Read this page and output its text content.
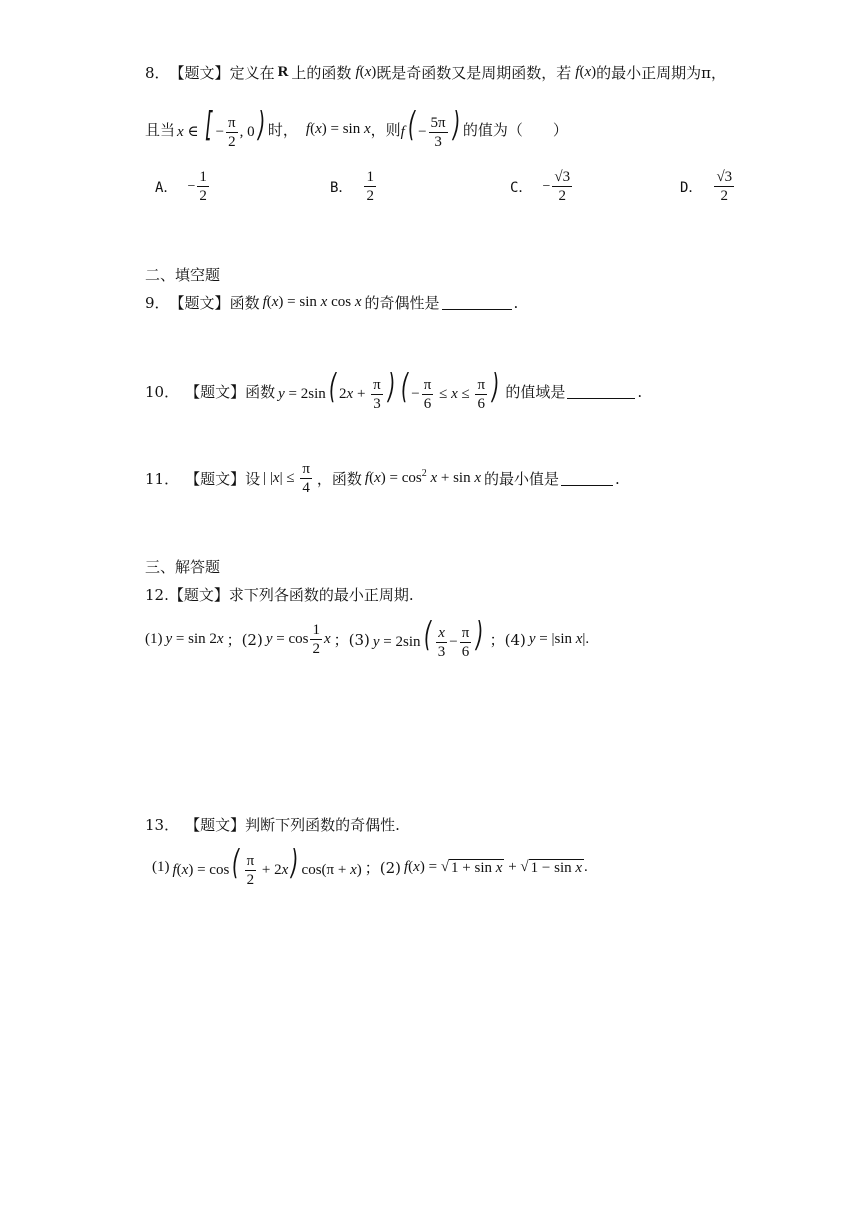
8． 【题文】 定义在 R 上的函数 f(x) 既是奇函数又是周期函数，若 f(x) 的最小正周期为π，
且当 x ∈ [ − $\frac{\pi}{2}$ , 0) 时， f(x) = sin x ，则 $f( - \frac{5\pi}{3}$ ) 的值为（　　）
A． − $\frac{1}{2}$	B． $\frac{1}{2}$	C． − $\frac{√3}{2}$	D． $\frac{√3}{2}$
二、填空题
9． 【题文】 函数 f(x) = sin x cos x 的奇偶性是	.
10． 【题文】 函数 y = 2sin( $2x + \frac{\pi}{3}$ ) ( − $\frac{\pi}{6} \le x \le \frac{\pi}{6}$ ) 的值域是	.
11． 【题文】 设 | $|x| \le \frac{\pi}{4}$ ，函数 $f(x) = \cos^2 x + \sin x$ 的最小值是	.
三、解答题
12. 【题文】 求下列各函数的最小正周期.
(1) y = sin 2x ；(2) $y = \cos \frac{1}{2}$ x ；(3) $y = 2\sin( \frac{x}{3} - \frac{\pi}{6}$ ) ；(4) y = |sin x|.
13． 【题文】 判断下列函数的奇偶性.
(1) $f(x) = \cos( \frac{\pi}{2} + 2x)$ cos(π + x) ；(2) f(x) = √ 1 + sin x + √ 1 − sin x .
